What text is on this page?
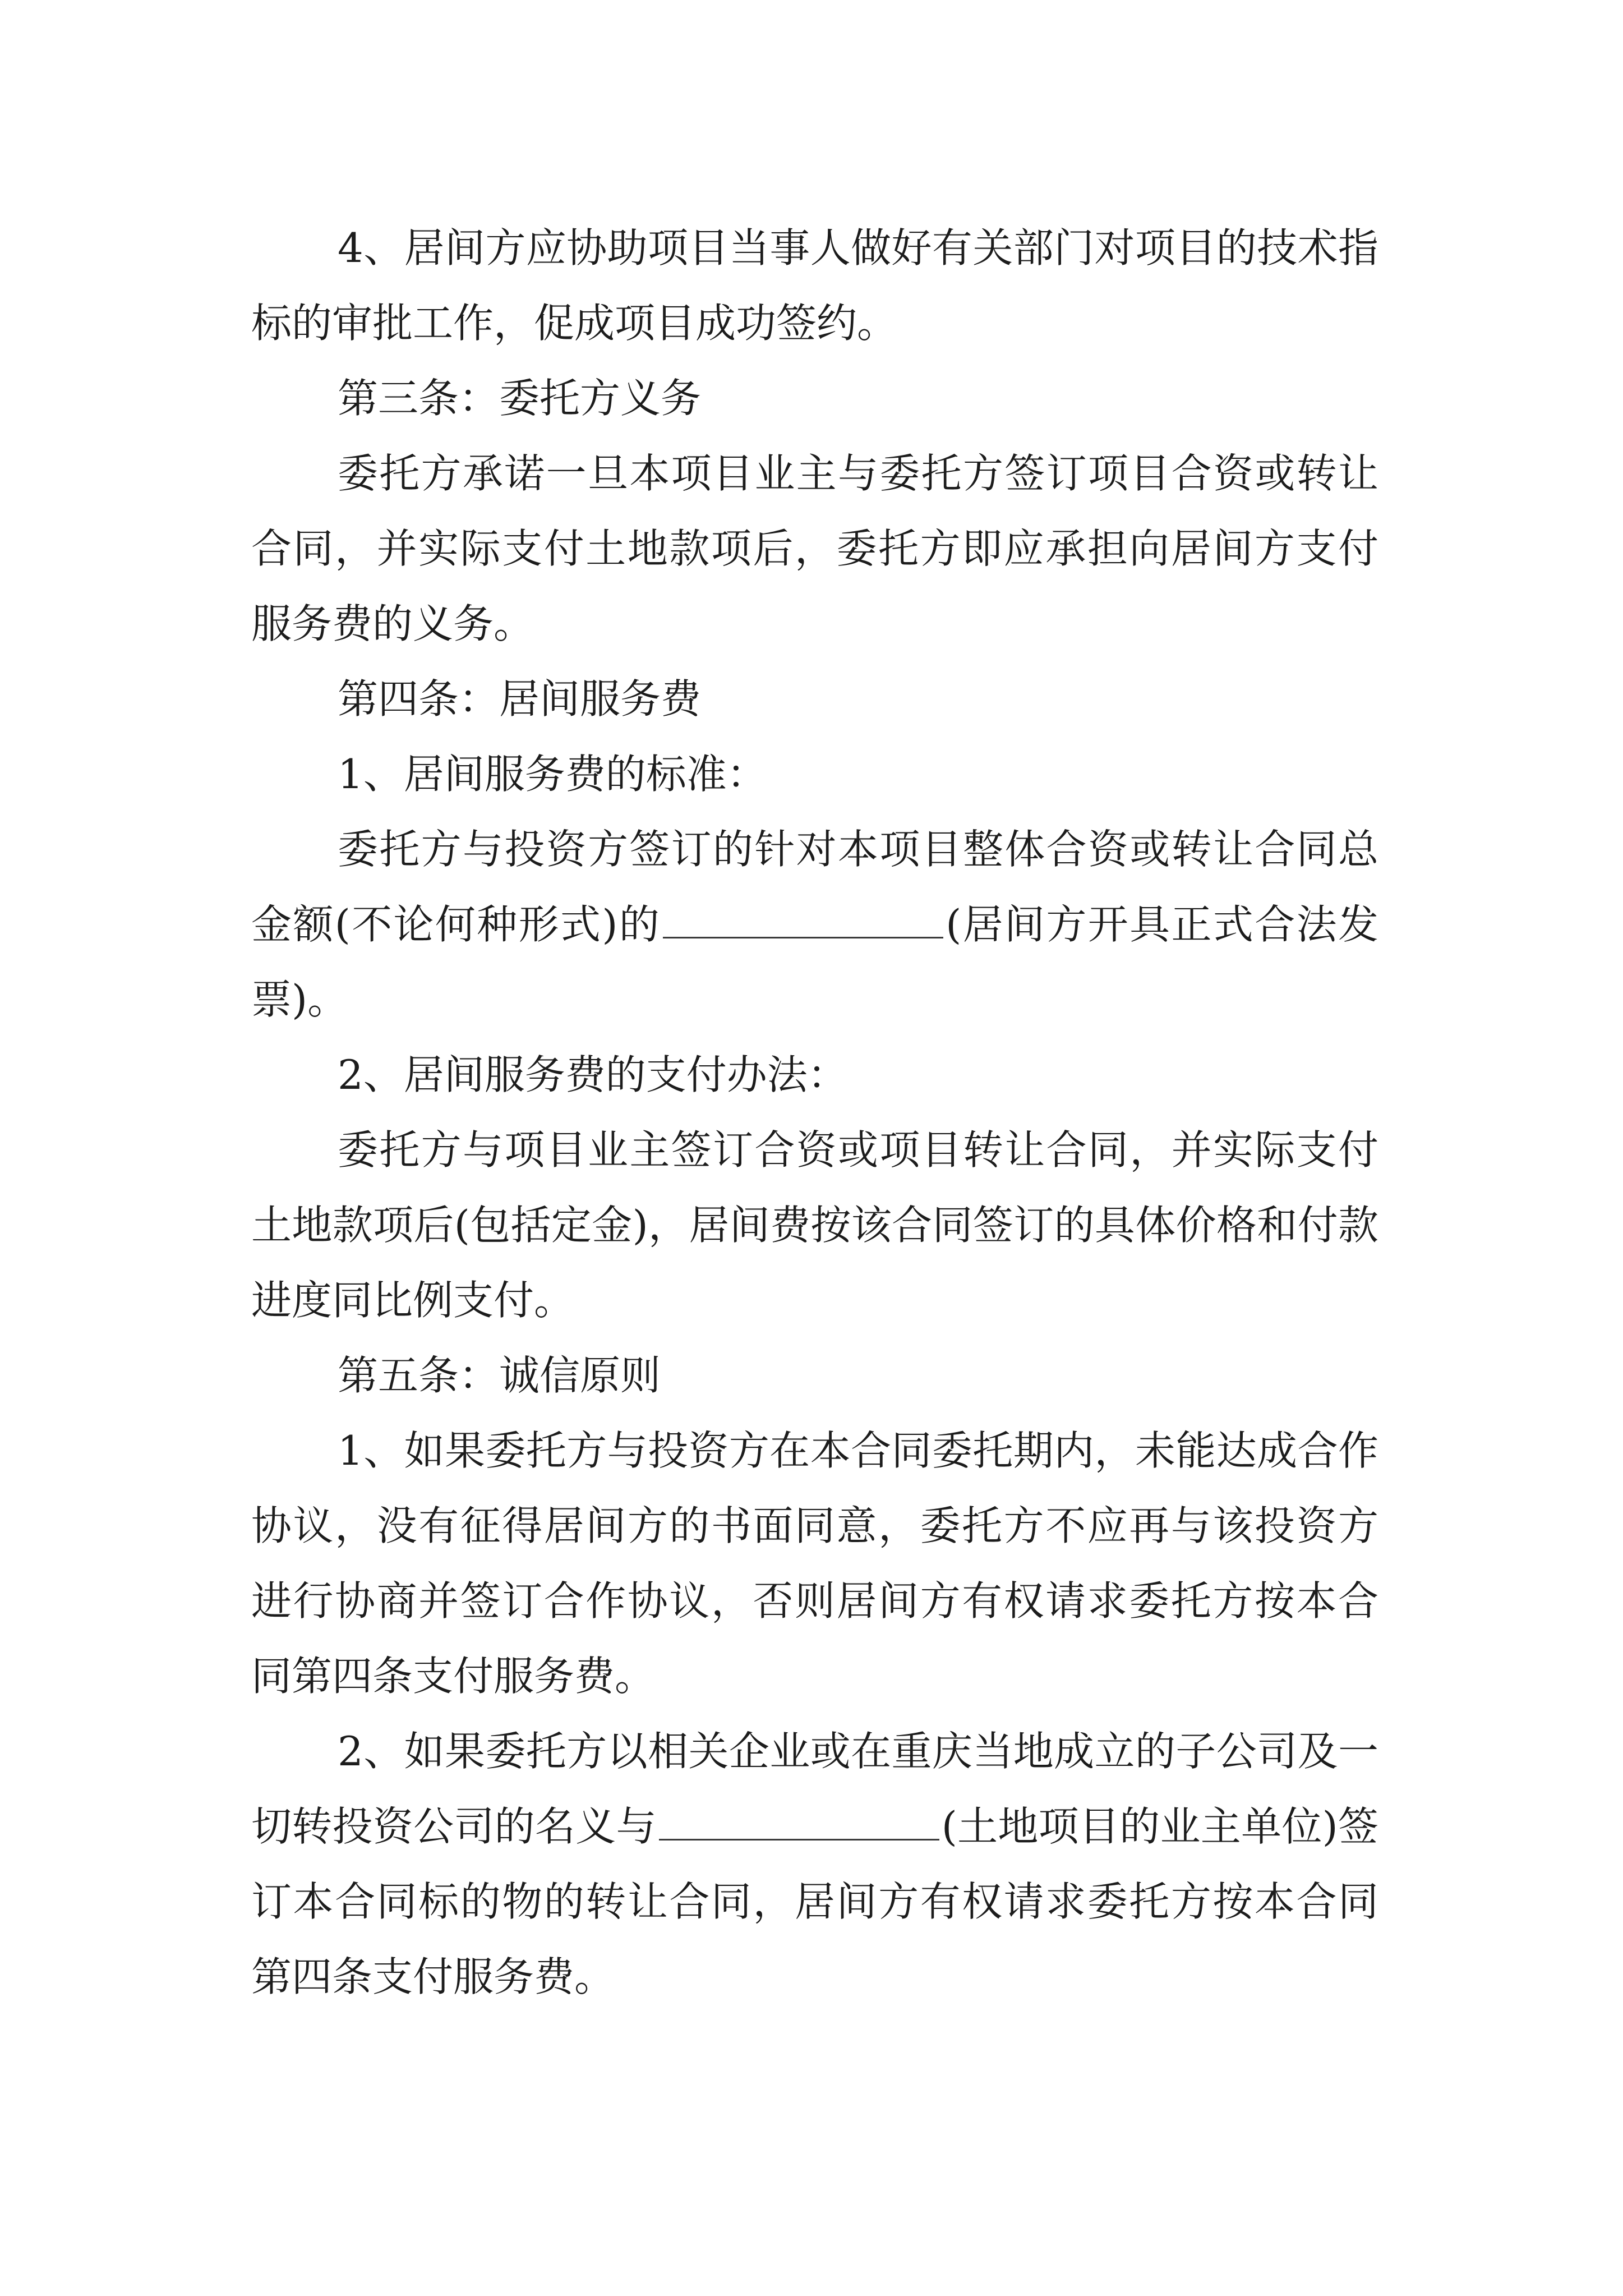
4、居间方应协助项目当事人做好有关部门对项目的技术指标的审批工作，促成项目成功签约。

第三条：委托方义务

委托方承诺一旦本项目业主与委托方签订项目合资或转让合同，并实际支付土地款项后，委托方即应承担向居间方支付服务费的义务。

第四条：居间服务费

1、居间服务费的标准：

委托方与投资方签订的针对本项目整体合资或转让合同总金额(不论何种形式)的	(居间方开具正式合法发票)。

2、居间服务费的支付办法：

委托方与项目业主签订合资或项目转让合同，并实际支付土地款项后(包括定金)，居间费按该合同签订的具体价格和付款进度同比例支付。

第五条：诚信原则

1、如果委托方与投资方在本合同委托期内，未能达成合作协议，没有征得居间方的书面同意，委托方不应再与该投资方进行协商并签订合作协议，否则居间方有权请求委托方按本合同第四条支付服务费。

2、如果委托方以相关企业或在重庆当地成立的子公司及一切转投资公司的名义与	(土地项目的业主单位)签订本合同标的物的转让合同，居间方有权请求委托方按本合同第四条支付服务费。
